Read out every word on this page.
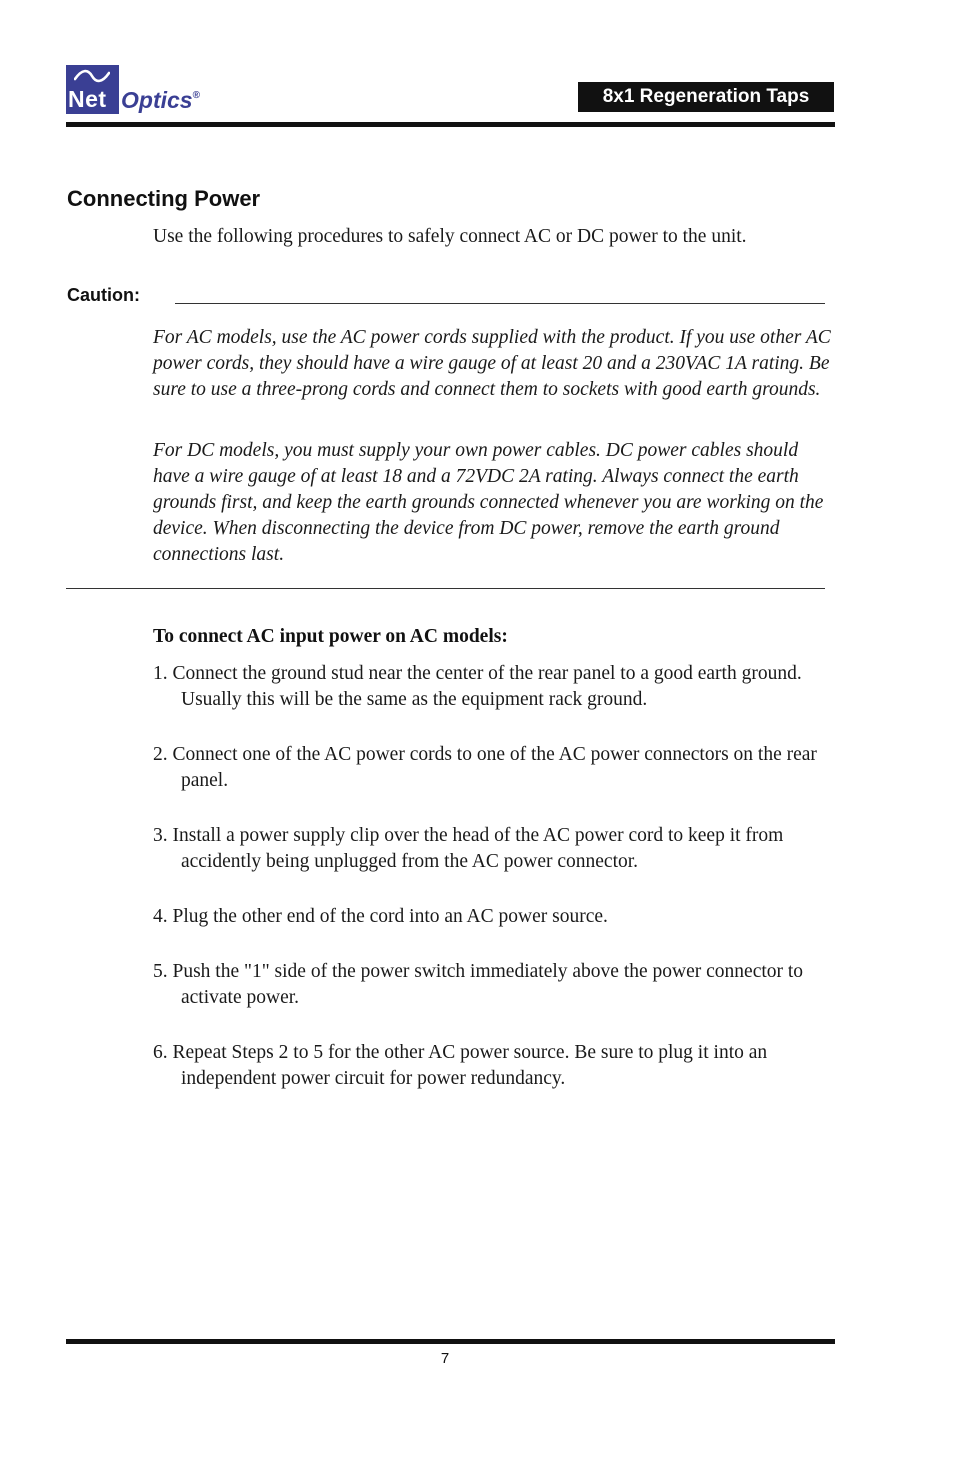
Net Optics®	8x1 Regeneration Taps
Connecting Power
Use the following procedures to safely connect AC or DC power to the unit.
Caution:
For AC models, use the AC power cords supplied with the product. If you use other AC power cords, they should have a wire gauge of at least 20 and a 230VAC 1A rating. Be sure to use a three-prong cords and connect them to sockets with good earth grounds.
For DC models, you must supply your own power cables. DC power cables should have a wire gauge of at least 18 and a 72VDC 2A rating. Always connect the earth grounds first, and keep the earth grounds connected whenever you are working on the device. When disconnecting the device from DC power, remove the earth ground connections last.
To connect AC input power on AC models:
1. Connect the ground stud near the center of the rear panel to a good earth ground. Usually this will be the same as the equipment rack ground.
2. Connect one of the AC power cords to one of the AC power connectors on the rear panel.
3. Install a power supply clip over the head of the AC power cord to keep it from accidently being unplugged from the AC power connector.
4. Plug the other end of the cord into an AC power source.
5. Push the "1" side of the power switch immediately above the power connector to activate power.
6. Repeat Steps 2 to 5 for the other AC power source. Be sure to plug it into an independent power circuit for power redundancy.
7
